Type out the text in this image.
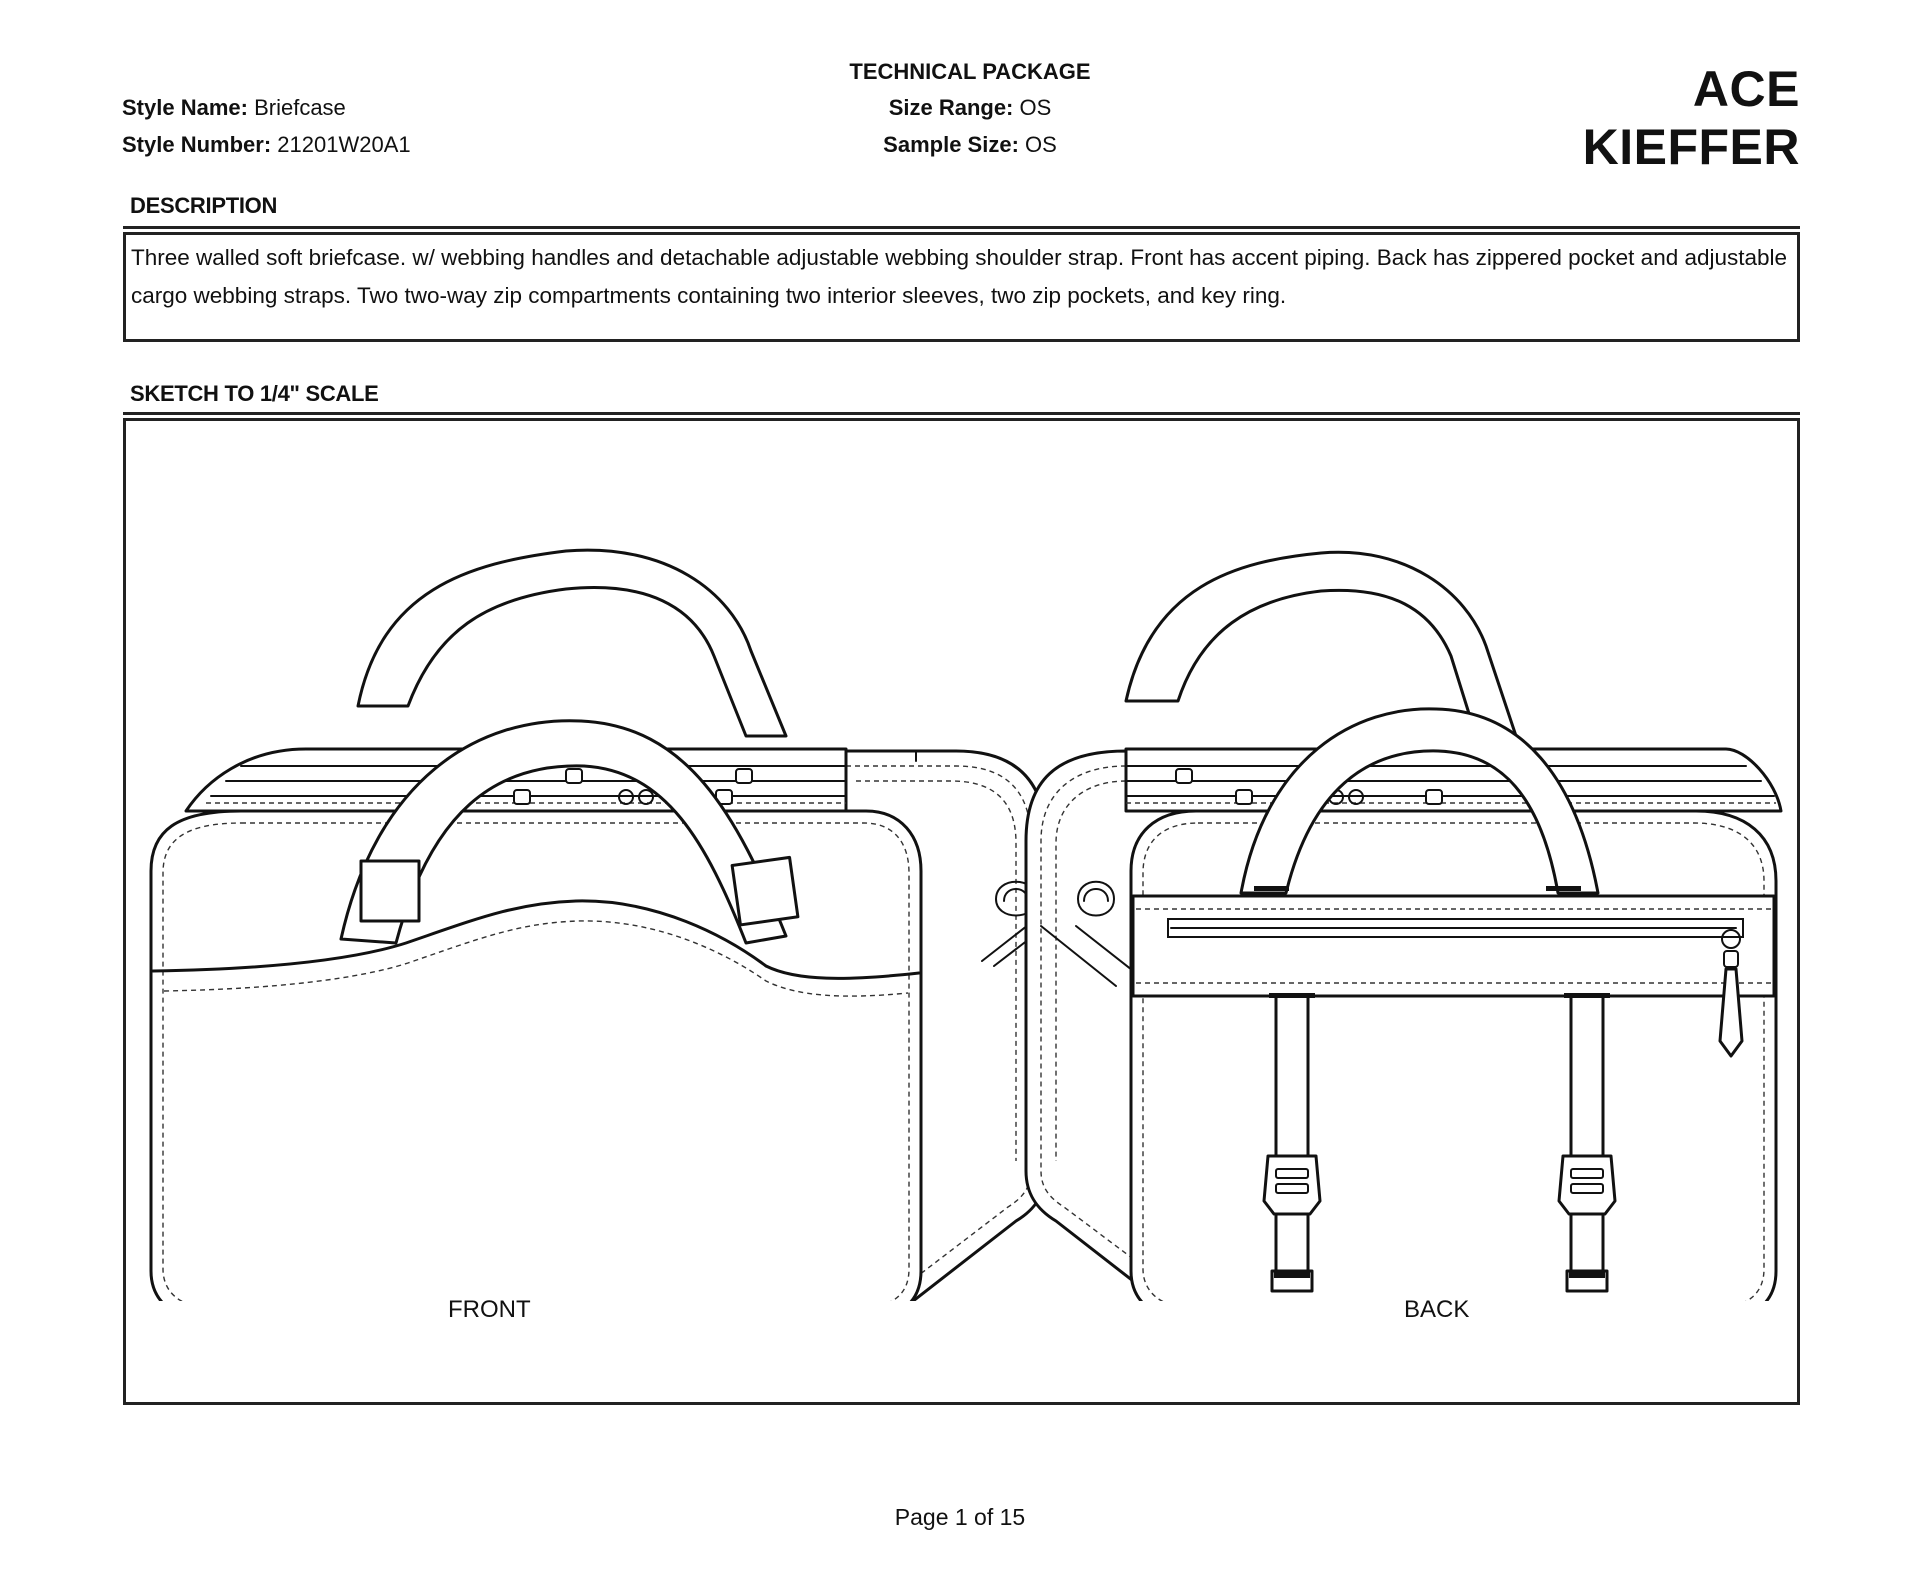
Style Name: Briefcase
Style Number: 21201W20A1
TECHNICAL PACKAGE
Size Range: OS
Sample Size: OS
ACE KIEFFER
DESCRIPTION
Three walled soft briefcase. w/ webbing handles and detachable adjustable webbing shoulder strap. Front has accent piping. Back has zippered pocket and adjustable cargo webbing straps. Two two-way zip compartments containing two interior sleeves, two zip pockets, and key ring.
SKETCH TO 1/4" SCALE
FRONT	BACK
Page 1 of 15
